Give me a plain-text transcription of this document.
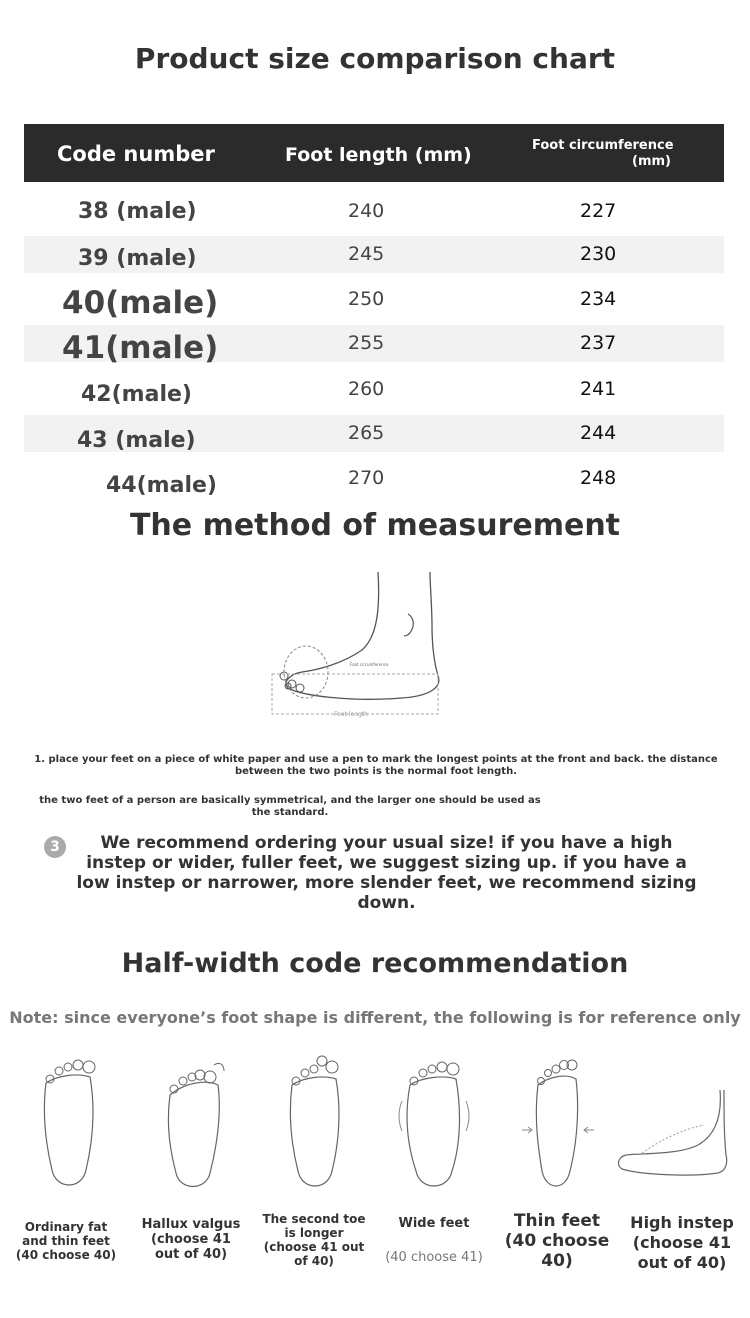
Product size comparison chart
Code number	Foot length (mm)	Foot circumference
(mm)
38 (male)	240	227
39 (male)	245	230
40(male)	250	234
41(male)	255	237
42(male)	260	241
43 (male)	265	244
44(male)	270	248
The method of measurement
Foot circumference
Foot length
1. place your feet on a piece of white paper and use a pen to mark the longest points at the front and back. the distance between the two points is the normal foot length.
the two feet of a person are basically symmetrical, and the larger one should be used as the standard.
3	We recommend ordering your usual size! if you have a high instep or wider, fuller feet, we suggest sizing up. if you have a low instep or narrower, more slender feet, we recommend sizing down.
Half-width code recommendation
Note: since everyone’s foot shape is different, the following is for reference only
Ordinary fat and thin feet (40 choose 40)
Hallux valgus (choose 41 out of 40)
The second toe is longer (choose 41 out of 40)
Wide feet
(40 choose 41)
Thin feet (40 choose 40)
High instep (choose 41 out of 40)
